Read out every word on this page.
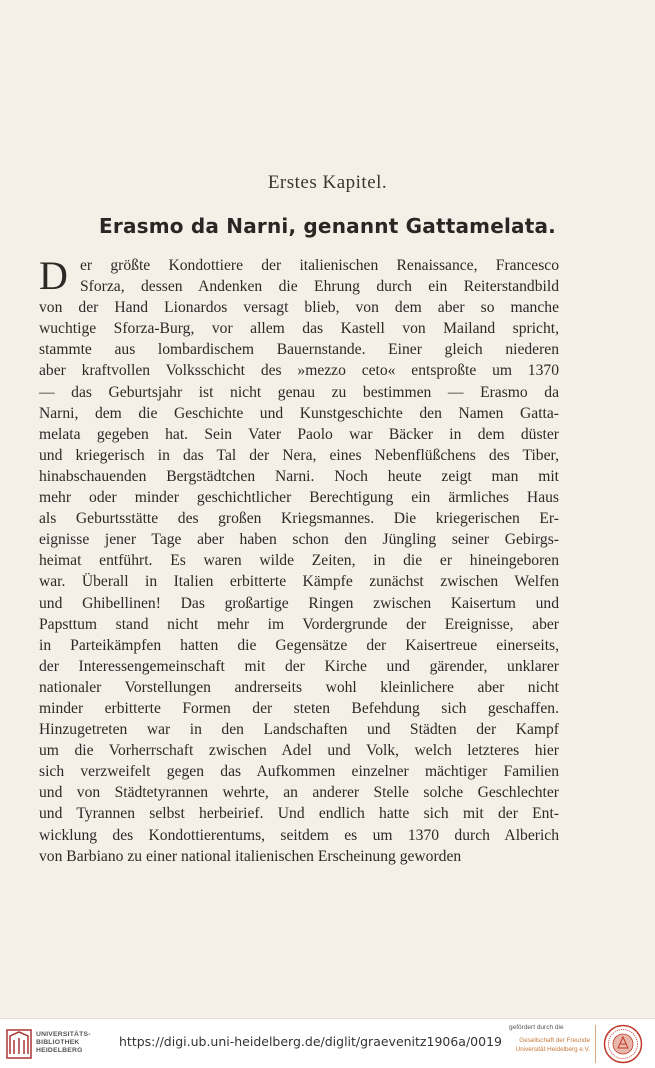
Erstes Kapitel.
Erasmo da Narni, genannt Gattamelata.
D er größte Kondottiere der italienischen Renaissance, Francesco
Sforza, dessen Andenken die Ehrung durch ein Reiterstandbild
von der Hand Lionardos versagt blieb, von dem aber so manche
wuchtige Sforza-Burg, vor allem das Kastell von Mailand spricht,
stammte aus lombardischem Bauernstande. Einer gleich niederen
aber kraftvollen Volksschicht des »mezzo ceto« entsproßte um 1370
— das Geburtsjahr ist nicht genau zu bestimmen — Erasmo da
Narni, dem die Geschichte und Kunstgeschichte den Namen Gatta-
melata gegeben hat. Sein Vater Paolo war Bäcker in dem düster
und kriegerisch in das Tal der Nera, eines Nebenflüßchens des Tiber,
hinabschauenden Bergstädtchen Narni. Noch heute zeigt man mit
mehr oder minder geschichtlicher Berechtigung ein ärmliches Haus
als Geburtsstätte des großen Kriegsmannes. Die kriegerischen Er-
eignisse jener Tage aber haben schon den Jüngling seiner Gebirgs-
heimat entführt. Es waren wilde Zeiten, in die er hineingeboren
war. Überall in Italien erbitterte Kämpfe zunächst zwischen Welfen
und Ghibellinen! Das großartige Ringen zwischen Kaisertum und
Papsttum stand nicht mehr im Vordergrunde der Ereignisse, aber
in Parteikämpfen hatten die Gegensätze der Kaisertreue einerseits,
der Interessengemeinschaft mit der Kirche und gärender, unklarer
nationaler Vorstellungen andrerseits wohl kleinlichere aber nicht
minder erbitterte Formen der steten Befehdung sich geschaffen.
Hinzugetreten war in den Landschaften und Städten der Kampf
um die Vorherrschaft zwischen Adel und Volk, welch letzteres hier
sich verzweifelt gegen das Aufkommen einzelner mächtiger Familien
und von Städtetyrannen wehrte, an anderer Stelle solche Geschlechter
und Tyrannen selbst herbeirief. Und endlich hatte sich mit der Ent-
wicklung des Kondottierentums, seitdem es um 1370 durch Alberich
von Barbiano zu einer national italienischen Erscheinung geworden
UNIVERSITÄTS-
BIBLIOTHEK
HEIDELBERG
https://digi.ub.uni-heidelberg.de/diglit/graevenitz1906a/0019
gefördert durch die
Gesellschaft der Freunde
Universität Heidelberg e.V.
